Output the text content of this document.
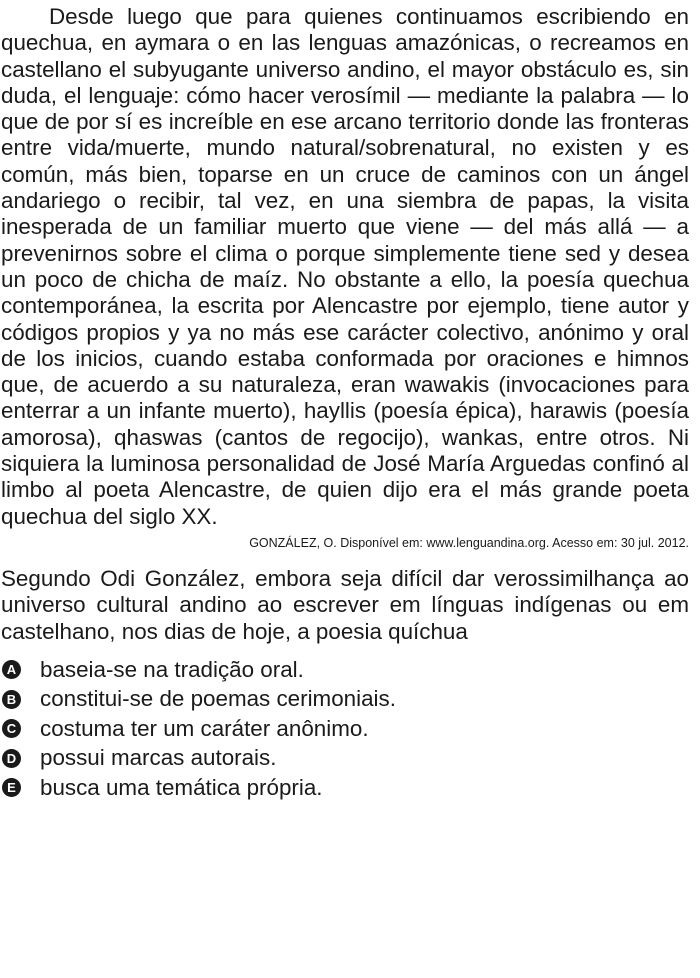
Desde luego que para quienes continuamos escribiendo en quechua, en aymara o en las lenguas amazónicas, o recreamos en castellano el subyugante universo andino, el mayor obstáculo es, sin duda, el lenguaje: cómo hacer verosímil — mediante la palabra — lo que de por sí es increíble en ese arcano territorio donde las fronteras entre vida/muerte, mundo natural/sobrenatural, no existen y es común, más bien, toparse en un cruce de caminos con un ángel andariego o recibir, tal vez, en una siembra de papas, la visita inesperada de un familiar muerto que viene — del más allá — a prevenirnos sobre el clima o porque simplemente tiene sed y desea un poco de chicha de maíz. No obstante a ello, la poesía quechua contemporánea, la escrita por Alencastre por ejemplo, tiene autor y códigos propios y ya no más ese carácter colectivo, anónimo y oral de los inicios, cuando estaba conformada por oraciones e himnos que, de acuerdo a su naturaleza, eran wawakis (invocaciones para enterrar a un infante muerto), hayllis (poesía épica), harawis (poesía amorosa), qhaswas (cantos de regocijo), wankas, entre otros. Ni siquiera la luminosa personalidad de José María Arguedas confinó al limbo al poeta Alencastre, de quien dijo era el más grande poeta quechua del siglo XX.

GONZÁLEZ, O. Disponível em: www.lenguandina.org. Acesso em: 30 jul. 2012.

Segundo Odi González, embora seja difícil dar verossimilhança ao universo cultural andino ao escrever em línguas indígenas ou em castelhano, nos dias de hoje, a poesia quíchua

A baseia-se na tradição oral.
B constitui-se de poemas cerimoniais.
C costuma ter um caráter anônimo.
D possui marcas autorais.
E busca uma temática própria.
